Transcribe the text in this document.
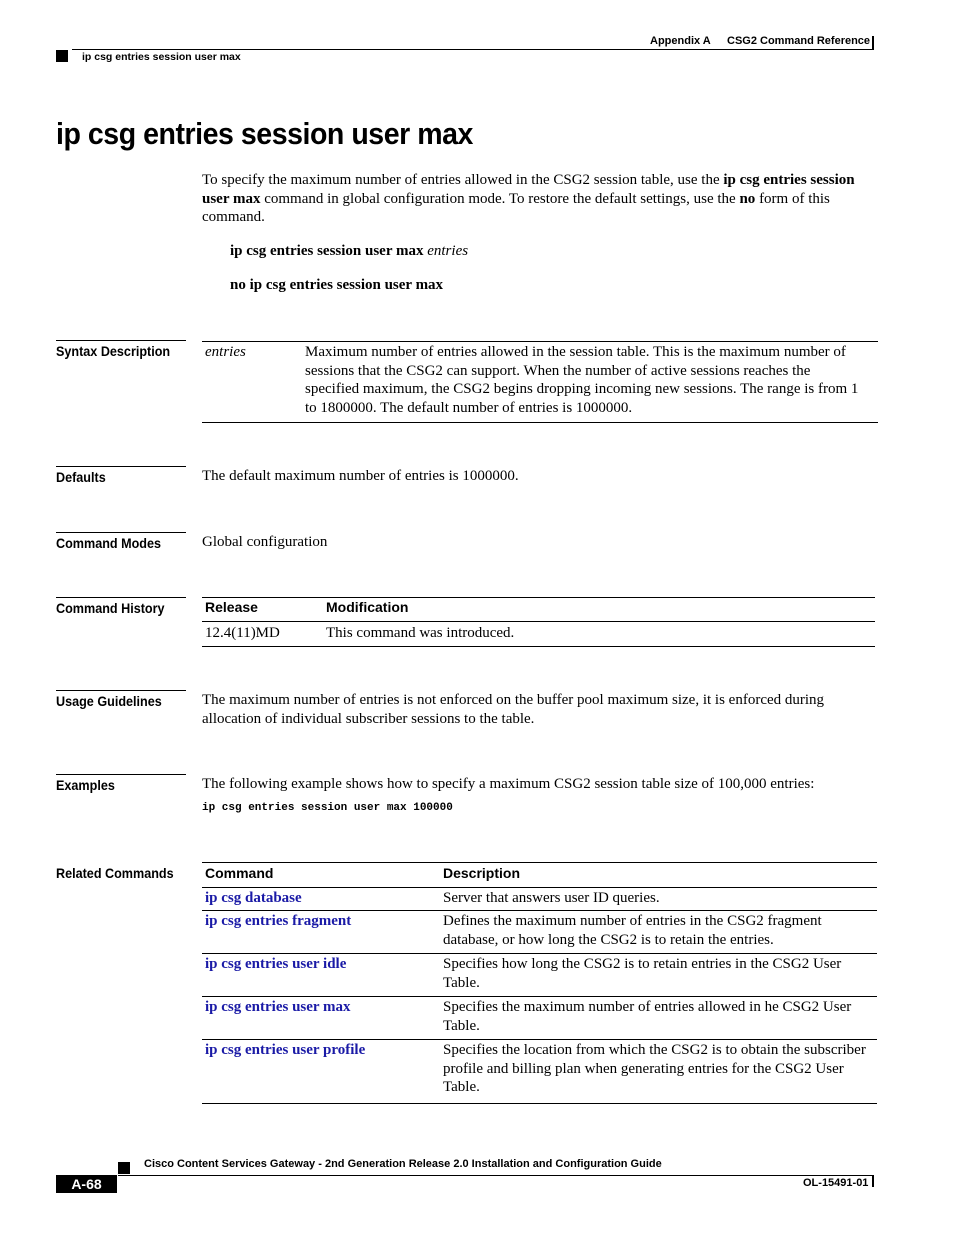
Appendix A CSG2 Command Reference
ip csg entries session user max
ip csg entries session user max
To specify the maximum number of entries allowed in the CSG2 session table, use the ip csg entries session user max command in global configuration mode. To restore the default settings, use the no form of this command.
ip csg entries session user max entries
no ip csg entries session user max
Syntax Description	entries	Maximum number of entries allowed in the session table. This is the maximum number of sessions that the CSG2 can support. When the number of active sessions reaches the specified maximum, the CSG2 begins dropping incoming new sessions. The range is from 1 to 1800000. The default number of entries is 1000000.
Defaults	The default maximum number of entries is 1000000.
Command Modes	Global configuration
Command History	Release	Modification
12.4(11)MD	This command was introduced.
Usage Guidelines	The maximum number of entries is not enforced on the buffer pool maximum size, it is enforced during allocation of individual subscriber sessions to the table.
Examples	The following example shows how to specify a maximum CSG2 session table size of 100,000 entries:
ip csg entries session user max 100000
Related Commands	Command	Description
ip csg database	Server that answers user ID queries.
ip csg entries fragment	Defines the maximum number of entries in the CSG2 fragment database, or how long the CSG2 is to retain the entries.
ip csg entries user idle	Specifies how long the CSG2 is to retain entries in the CSG2 User Table.
ip csg entries user max	Specifies the maximum number of entries allowed in he CSG2 User Table.
ip csg entries user profile	Specifies the location from which the CSG2 is to obtain the subscriber profile and billing plan when generating entries for the CSG2 User Table.
Cisco Content Services Gateway - 2nd Generation Release 2.0 Installation and Configuration Guide
A-68	OL-15491-01
